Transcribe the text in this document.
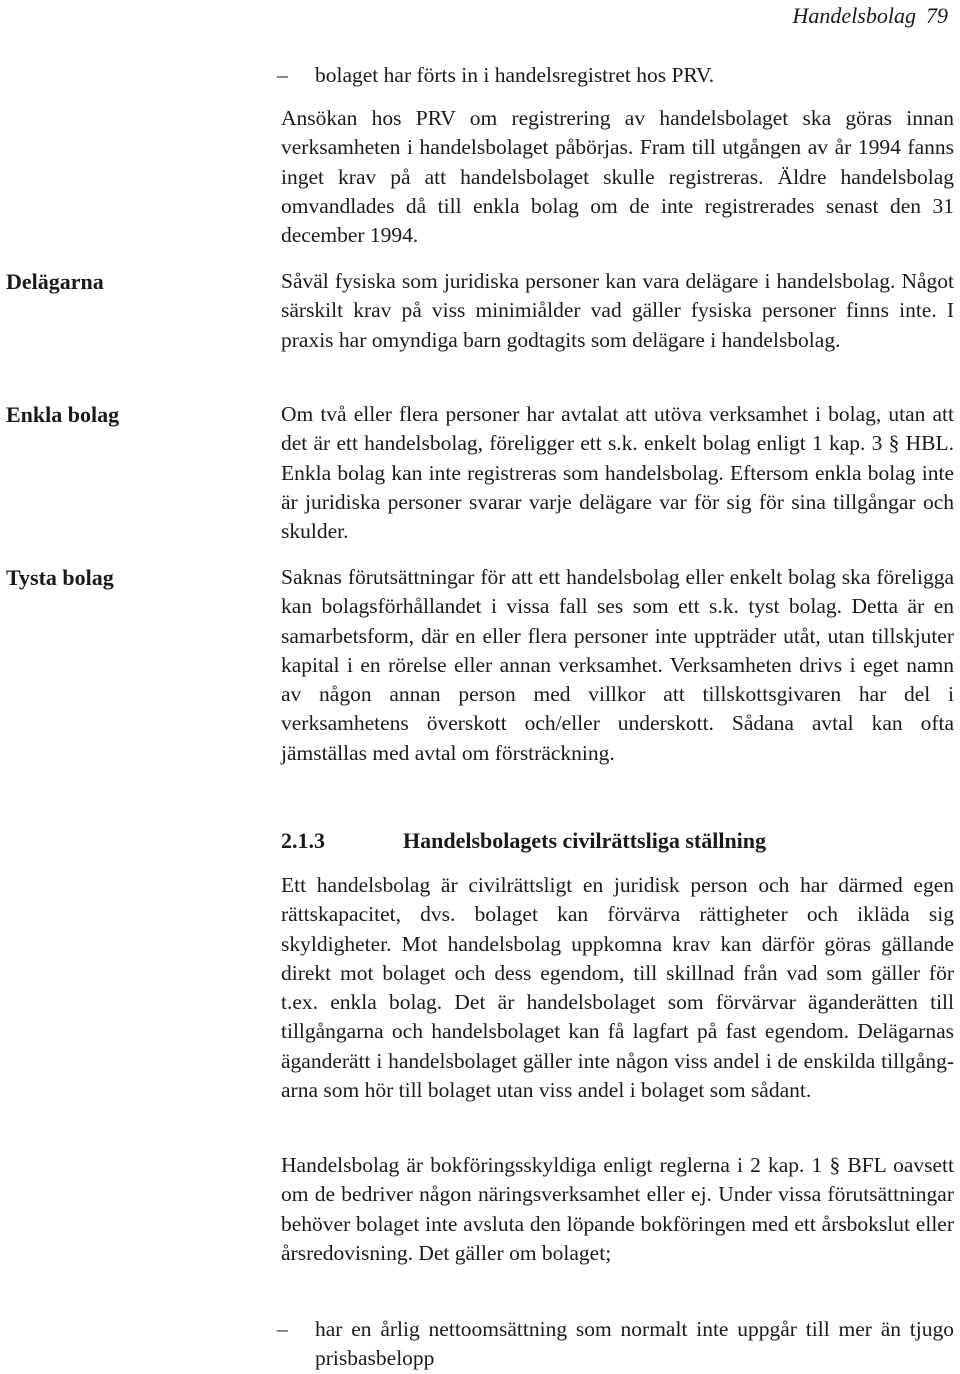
Handelsbolag 79
–	bolaget har förts in i handelsregistret hos PRV.
Ansökan hos PRV om registrering av handelsbolaget ska göras innan verksamheten i handelsbolaget påbörjas. Fram till utgången av år 1994 fanns inget krav på att handelsbolaget skulle registreras. Äldre handelsbolag omvandlades då till enkla bolag om de inte registrerades senast den 31 december 1994.
Delägarna	Såväl fysiska som juridiska personer kan vara delägare i handelsbolag. Något särskilt krav på viss minimiålder vad gäller fysiska personer finns inte. I praxis har omyndiga barn godtagits som delägare i handelsbolag.
Enkla bolag	Om två eller flera personer har avtalat att utöva verksamhet i bolag, utan att det är ett handelsbolag, föreligger ett s.k. enkelt bolag enligt 1 kap. 3 § HBL. Enkla bolag kan inte registreras som handelsbolag. Eftersom enkla bolag inte är juridiska personer svarar varje delägare var för sig för sina tillgångar och skulder.
Tysta bolag	Saknas förutsättningar för att ett handelsbolag eller enkelt bolag ska föreligga kan bolagsförhållandet i vissa fall ses som ett s.k. tyst bolag. Detta är en samarbetsform, där en eller flera personer inte uppträder utåt, utan tillskjuter kapital i en rörelse eller annan verksamhet. Verksamheten drivs i eget namn av någon annan person med villkor att tillskottsgivaren har del i verksamhetens överskott och/eller underskott. Sådana avtal kan ofta jämställas med avtal om försträckning.
2.1.3	Handelsbolagets civilrättsliga ställning
Ett handelsbolag är civilrättsligt en juridisk person och har därmed egen rättskapacitet, dvs. bolaget kan förvärva rättigheter och ikläda sig skyldigheter. Mot handelsbolag uppkomna krav kan därför göras gällande direkt mot bolaget och dess egendom, till skillnad från vad som gäller för t.ex. enkla bolag. Det är handelsbolaget som förvärvar äganderätten till tillgångarna och handelsbolaget kan få lagfart på fast egendom. Delägarnas äganderätt i handelsbolaget gäller inte någon viss andel i de enskilda tillgångarna som hör till bolaget utan viss andel i bolaget som sådant.
Handelsbolag är bokföringsskyldiga enligt reglerna i 2 kap. 1 § BFL oavsett om de bedriver någon näringsverksamhet eller ej. Under vissa förutsättningar behöver bolaget inte avsluta den löpande bokföringen med ett årsbokslut eller årsredovisning. Det gäller om bolaget;
–	har en årlig nettoomsättning som normalt inte uppgår till mer än tjugo prisbasbelopp
